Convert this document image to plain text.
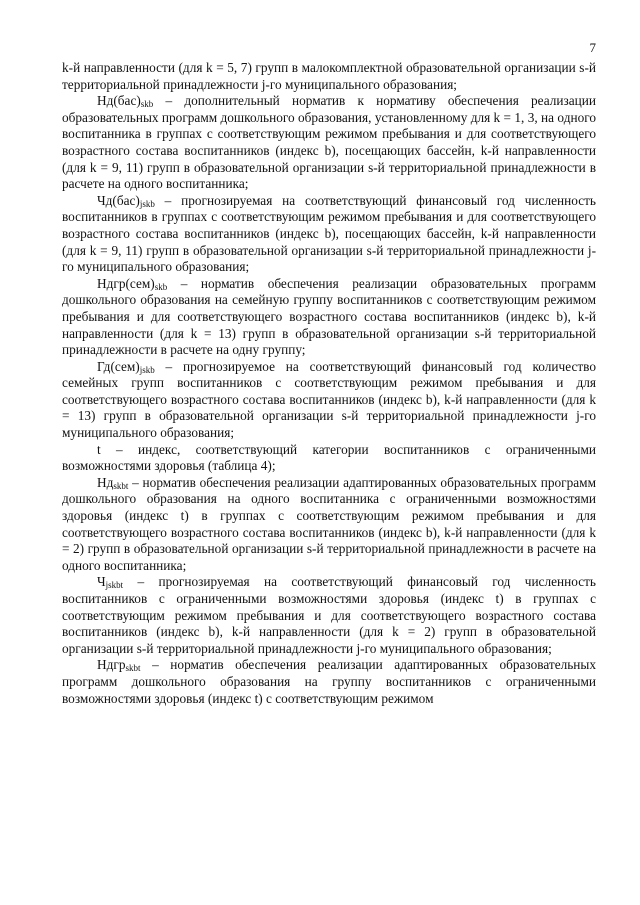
7

k-й направленности (для k = 5, 7) групп в малокомплектной образовательной организации s-й территориальной принадлежности j-го муниципального образования;

$Нд(бас)_{skb}$ – дополнительный норматив к нормативу обеспечения реализации образовательных программ дошкольного образования, установленному для k = 1, 3, на одного воспитанника в группах с соответствующим режимом пребывания и для соответствующего возрастного состава воспитанников (индекс b), посещающих бассейн, k-й направленности (для k = 9, 11) групп в образовательной организации s-й территориальной принадлежности в расчете на одного воспитанника;

$Чд(бас)_{jskb}$ – прогнозируемая на соответствующий финансовый год численность воспитанников в группах с соответствующим режимом пребывания и для соответствующего возрастного состава воспитанников (индекс b), посещающих бассейн, k-й направленности (для k = 9, 11) групп в образовательной организации s-й территориальной принадлежности j-го муниципального образования;

$Ндгр(сем)_{skb}$ – норматив обеспечения реализации образовательных программ дошкольного образования на семейную группу воспитанников с соответствующим режимом пребывания и для соответствующего возрастного состава воспитанников (индекс b), k-й направленности (для k = 13) групп в образовательной организации s-й территориальной принадлежности в расчете на одну группу;

$Гд(сем)_{jskb}$ – прогнозируемое на соответствующий финансовый год количество семейных групп воспитанников с соответствующим режимом пребывания и для соответствующего возрастного состава воспитанников (индекс b), k-й направленности (для k = 13) групп в образовательной организации s-й территориальной принадлежности j-го муниципального образования;

t – индекс, соответствующий категории воспитанников с ограниченными возможностями здоровья (таблица 4);

$Нд_{skbt}$ – норматив обеспечения реализации адаптированных образовательных программ дошкольного образования на одного воспитанника с ограниченными возможностями здоровья (индекс t) в группах с соответствующим режимом пребывания и для соответствующего возрастного состава воспитанников (индекс b), k-й направленности (для k = 2) групп в образовательной организации s-й территориальной принадлежности в расчете на одного воспитанника;

$Ч_{jskbt}$ – прогнозируемая на соответствующий финансовый год численность воспитанников с ограниченными возможностями здоровья (индекс t) в группах с соответствующим режимом пребывания и для соответствующего возрастного состава воспитанников (индекс b), k-й направленности (для k = 2) групп в образовательной организации s-й территориальной принадлежности j-го муниципального образования;

Ндгр$_{skbt}$ – норматив обеспечения реализации адаптированных образовательных программ дошкольного образования на группу воспитанников с ограниченными возможностями здоровья (индекс t) с соответствующим режимом
